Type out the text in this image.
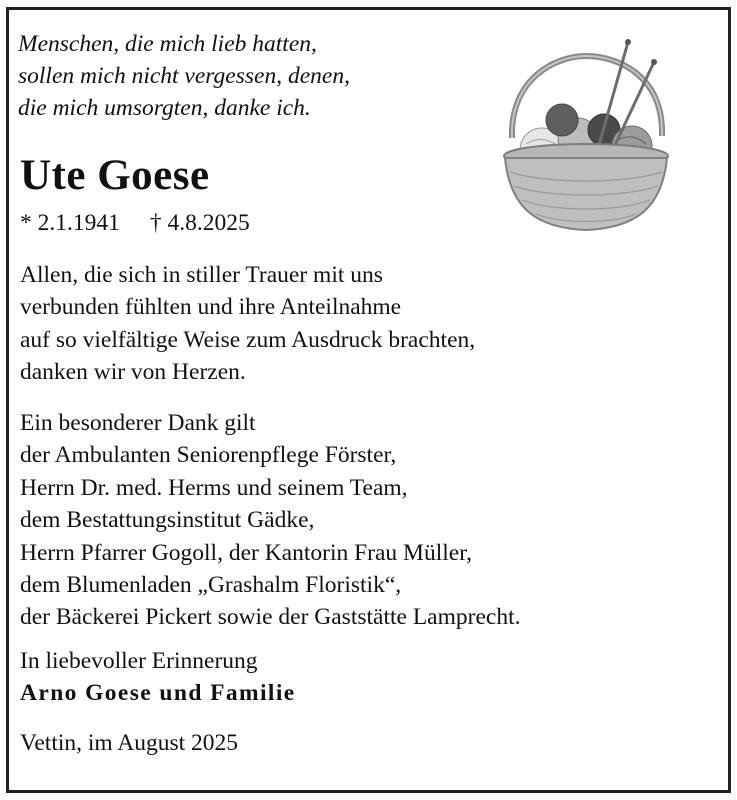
Menschen, die mich lieb hatten,
sollen mich nicht vergessen, denen,
die mich umsorgten, danke ich.
Ute Goese
* 2.1.1941 † 4.8.2025
Allen, die sich in stiller Trauer mit uns
verbunden fühlten und ihre Anteilnahme
auf so vielfältige Weise zum Ausdruck brachten,
danken wir von Herzen.
Ein besonderer Dank gilt
der Ambulanten Seniorenpflege Förster,
Herrn Dr. med. Herms und seinem Team,
dem Bestattungsinstitut Gädke,
Herrn Pfarrer Gogoll, der Kantorin Frau Müller,
dem Blumenladen „Grashalm Floristik“,
der Bäckerei Pickert sowie der Gaststätte Lamprecht.
In liebevoller Erinnerung
Arno Goese und Familie
Vettin, im August 2025
